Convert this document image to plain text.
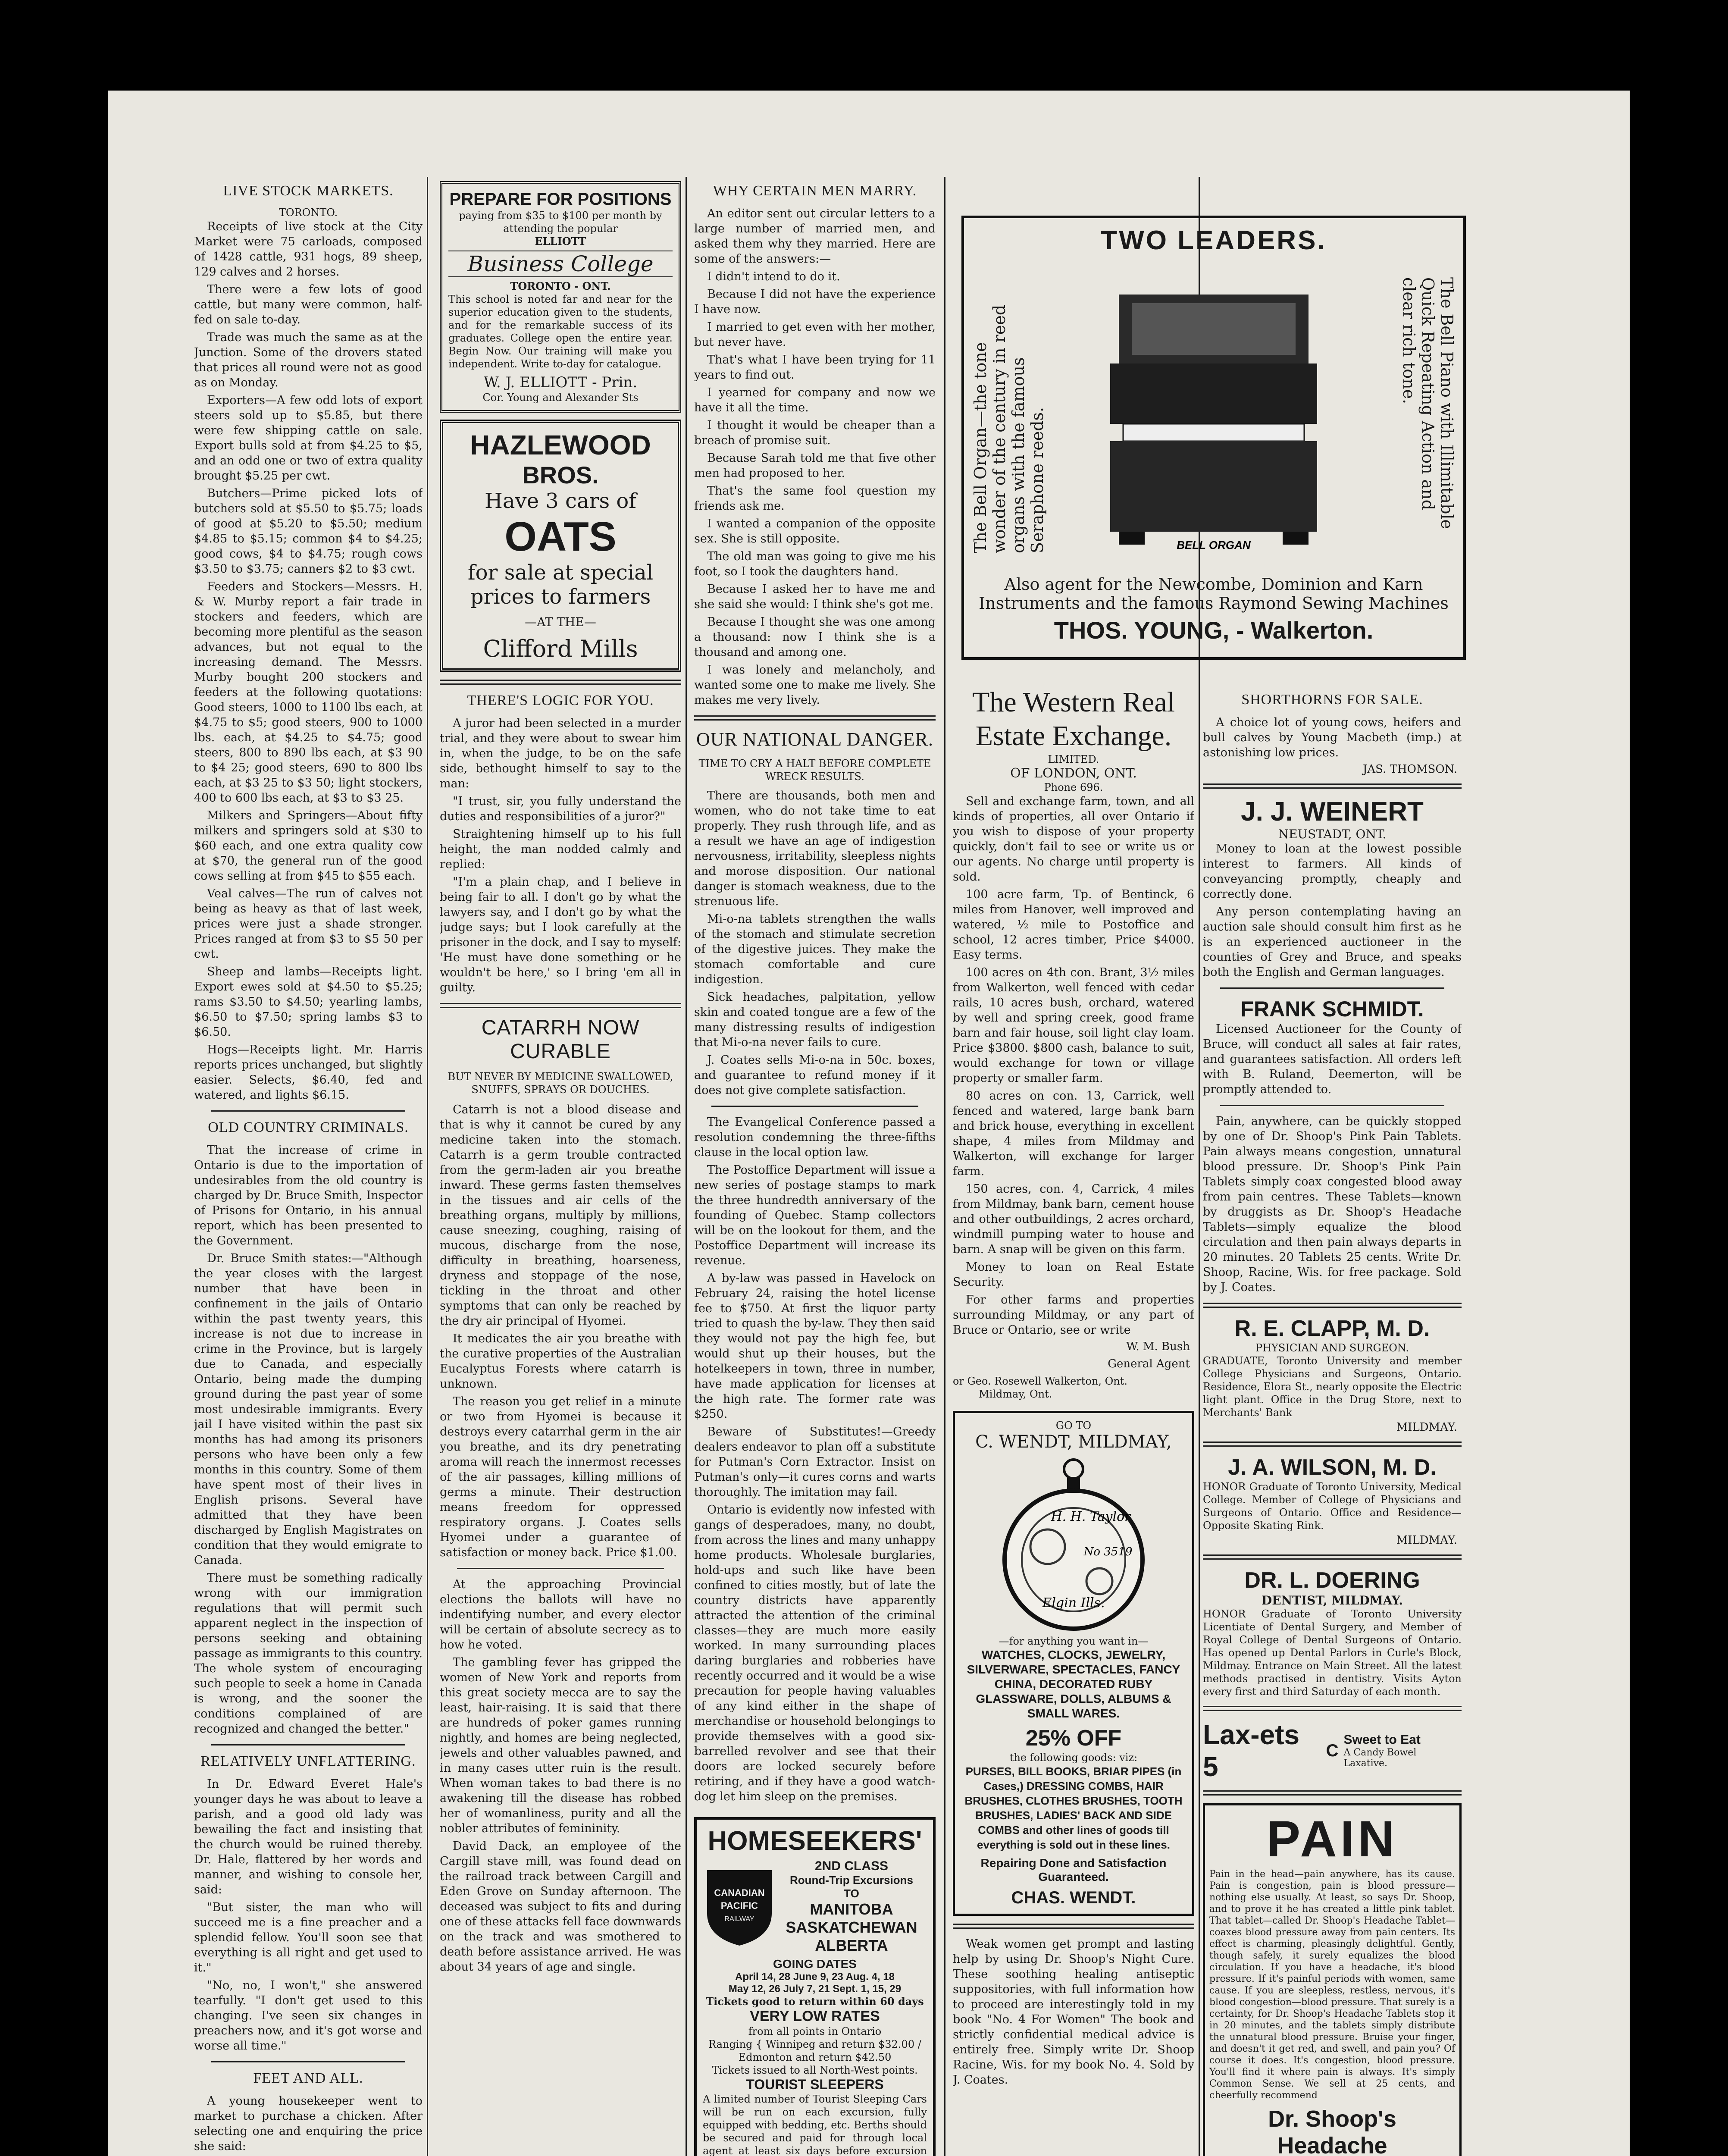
LIVE STOCK MARKETS.
TORONTO.

Receipts of live stock at the City Market were 75 carloads, composed of 1428 cattle, 931 hogs, 89 sheep, 129 calves and 2 horses.

There were a few lots of good cattle, but many were common, half-fed on sale to-day.

Trade was much the same as at the Junction. Some of the drovers stated that prices all round were not as good as on Monday.

Exporters—A few odd lots of export steers sold up to $5.85, but there were few shipping cattle on sale. Export bulls sold at from $4.25 to $5, and an odd one or two of extra quality brought $5.25 per cwt.

Butchers—Prime picked lots of butchers sold at $5.50 to $5.75; loads of good at $5.20 to $5.50; medium $4.85 to $5.15; common $4 to $4.25; good cows, $4 to $4.75; rough cows $3.50 to $3.75; canners $2 to $3 cwt.

Feeders and Stockers—Messrs. H. & W. Murby report a fair trade in stockers and feeders, which are becoming more plentiful as the season advances, but not equal to the increasing demand. The Messrs. Murby bought 200 stockers and feeders at the following quotations: Good steers, 1000 to 1100 lbs each, at $4.75 to $5; good steers, 900 to 1000 lbs. each, at $4.25 to $4.75; good steers, 800 to 890 lbs each, at $3 90 to $4 25; good steers, 690 to 800 lbs each, at $3 25 to $3 50; light stockers, 400 to 600 lbs each, at $3 to $3 25.

Milkers and Springers—About fifty milkers and springers sold at $30 to $60 each, and one extra quality cow at $70, the general run of the good cows selling at from $45 to $55 each.

Veal calves—The run of calves not being as heavy as that of last week, prices were just a shade stronger. Prices ranged at from $3 to $5 50 per cwt.

Sheep and lambs—Receipts light. Export ewes sold at $4.50 to $5.25; rams $3.50 to $4.50; yearling lambs, $6.50 to $7.50; spring lambs $3 to $6.50.

Hogs—Receipts light. Mr. Harris reports prices unchanged, but slightly easier. Selects, $6.40, fed and watered, and lights $6.15.

OLD COUNTRY CRIMINALS.

That the increase of crime in Ontario is due to the importation of undesirables from the old country is charged by Dr. Bruce Smith, Inspector of Prisons for Ontario, in his annual report, which has been presented to the Government.

Dr. Bruce Smith states:—"Although the year closes with the largest number that have been in confinement in the jails of Ontario within the past twenty years, this increase is not due to increase in crime in the Province, but is largely due to Canada, and especially Ontario, being made the dumping ground during the past year of some most undesirable immigrants. Every jail I have visited within the past six months has had among its prisoners persons who have been only a few months in this country. Some of them have spent most of their lives in English prisons. Several have admitted that they have been discharged by English Magistrates on condition that they would emigrate to Canada.

There must be something radically wrong with our immigration regulations that will permit such apparent neglect in the inspection of persons seeking and obtaining passage as immigrants to this country. The whole system of encouraging such people to seek a home in Canada is wrong, and the sooner the conditions complained of are recognized and changed the better."

RELATIVELY UNFLATTERING.

In Dr. Edward Everet Hale's younger days he was about to leave a parish, and a good old lady was bewailing the fact and insisting that the church would be ruined thereby. Dr. Hale, flattered by her words and manner, and wishing to console her, said:

"But sister, the man who will succeed me is a fine preacher and a splendid fellow. You'll soon see that everything is all right and get used to it."

"No, no, I won't," she answered tearfully. "I don't get used to this changing. I've seen six changes in preachers now, and it's got worse and worse all time."

FEET AND ALL.

A young housekeeper went to market to purchase a chicken. After selecting one and enquiring the price she said:

PREPARE FOR POSITIONS
paying from $35 to $100 per month by attending the popular
ELLIOTT
Business College
TORONTO - ONT.
This school is noted far and near for the superior education given to the students, and for the remarkable success of its graduates. College open the entire year. Begin Now. Our training will make you independent. Write to-day for catalogue.
W. J. ELLIOTT - Prin.
Cor. Young and Alexander Sts
HAZLEWOOD
BROS.
Have 3 cars of
OATS
for sale at special
prices to farmers
—AT THE—
Clifford Mills
THERE'S LOGIC FOR YOU.

A juror had been selected in a murder trial, and they were about to swear him in, when the judge, to be on the safe side, bethought himself to say to the man:

"I trust, sir, you fully understand the duties and responsibilities of a juror?"

Straightening himself up to his full height, the man nodded calmly and replied:

"I'm a plain chap, and I believe in being fair to all. I don't go by what the lawyers say, and I don't go by what the judge says; but I look carefully at the prisoner in the dock, and I say to myself: 'He must have done something or he wouldn't be here,' so I bring 'em all in guilty.

CATARRH NOW CURABLE
BUT NEVER BY MEDICINE SWALLOWED, SNUFFS, SPRAYS OR DOUCHES.

Catarrh is not a blood disease and that is why it cannot be cured by any medicine taken into the stomach. Catarrh is a germ trouble contracted from the germ-laden air you breathe inward. These germs fasten themselves in the tissues and air cells of the breathing organs, multiply by millions, cause sneezing, coughing, raising of mucous, discharge from the nose, difficulty in breathing, hoarseness, dryness and stoppage of the nose, tickling in the throat and other symptoms that can only be reached by the dry air principal of Hyomei.

It medicates the air you breathe with the curative properties of the Australian Eucalyptus Forests where catarrh is unknown.

The reason you get relief in a minute or two from Hyomei is because it destroys every catarrhal germ in the air you breathe, and its dry penetrating aroma will reach the innermost recesses of the air passages, killing millions of germs a minute. Their destruction means freedom for oppressed respiratory organs. J. Coates sells Hyomei under a guarantee of satisfaction or money back. Price $1.00.

At the approaching Provincial elections the ballots will have no indentifying number, and every elector will be certain of absolute secrecy as to how he voted.

The gambling fever has gripped the women of New York and reports from this great society mecca are to say the least, hair-raising. It is said that there are hundreds of poker games running nightly, and homes are being neglected, jewels and other valuables pawned, and in many cases utter ruin is the result. When woman takes to bad there is no awakening till the disease has robbed her of womanliness, purity and all the nobler attributes of femininity.

David Dack, an employee of the Cargill stave mill, was found dead on the railroad track between Cargill and Eden Grove on Sunday afternoon. The deceased was subject to fits and during one of these attacks fell face downwards on the track and was smothered to death before assistance arrived. He was about 34 years of age and single.

WHY CERTAIN MEN MARRY.

An editor sent out circular letters to a large number of married men, and asked them why they married. Here are some of the answers:—

I didn't intend to do it.

Because I did not have the experience I have now.

I married to get even with her mother, but never have.

That's what I have been trying for 11 years to find out.

I yearned for company and now we have it all the time.

I thought it would be cheaper than a breach of promise suit.

Because Sarah told me that five other men had proposed to her.

That's the same fool question my friends ask me.

I wanted a companion of the opposite sex. She is still opposite.

The old man was going to give me his foot, so I took the daughters hand.

Because I asked her to have me and she said she would: I think she's got me.

Because I thought she was one among a thousand: now I think she is a thousand and among one.

I was lonely and melancholy, and wanted some one to make me lively. She makes me very lively.

OUR NATIONAL DANGER.
TIME TO CRY A HALT BEFORE COMPLETE WRECK RESULTS.

There are thousands, both men and women, who do not take time to eat properly. They rush through life, and as a result we have an age of indigestion nervousness, irritability, sleepless nights and morose disposition. Our national danger is stomach weakness, due to the strenuous life.

Mi-o-na tablets strengthen the walls of the stomach and stimulate secretion of the digestive juices. They make the stomach comfortable and cure indigestion.

Sick headaches, palpitation, yellow skin and coated tongue are a few of the many distressing results of indigestion that Mi-o-na never fails to cure.

J. Coates sells Mi-o-na in 50c. boxes, and guarantee to refund money if it does not give complete satisfaction.

The Evangelical Conference passed a resolution condemning the three-fifths clause in the local option law.

The Postoffice Department will issue a new series of postage stamps to mark the three hundredth anniversary of the founding of Quebec. Stamp collectors will be on the lookout for them, and the Postoffice Department will increase its revenue.

A by-law was passed in Havelock on February 24, raising the hotel license fee to $750. At first the liquor party tried to quash the by-law. They then said they would not pay the high fee, but would shut up their houses, but the hotelkeepers in town, three in number, have made application for licenses at the high rate. The former rate was $250.

Beware of Substitutes!—Greedy dealers endeavor to plan off a substitute for Putman's Corn Extractor. Insist on Putman's only—it cures corns and warts thoroughly. The imitation may fail.

Ontario is evidently now infested with gangs of desperadoes, many, no doubt, from across the lines and many unhappy home products. Wholesale burglaries, hold-ups and such like have been confined to cities mostly, but of late the country districts have apparently attracted the attention of the criminal classes—they are much more easily worked. In many surrounding places daring burglaries and robberies have recently occurred and it would be a wise precaution for people having valuables of any kind either in the shape of merchandise or household belongings to provide themselves with a good six-barrelled revolver and see that their doors are locked securely before retiring, and if they have a good watch-dog let him sleep on the premises.

HOMESEEKERS'
CANADIAN
PACIFIC
RAILWAY
2ND CLASS
Round-Trip Excursions
TO
MANITOBA
SASKATCHEWAN
ALBERTA
GOING DATES
April 14, 28 June 9, 23 Aug. 4, 18
May 12, 26 July 7, 21 Sept. 1, 15, 29
Tickets good to return within 60 days
VERY LOW RATES
from all points in Ontario
Ranging { Winnipeg and return $32.00 / Edmonton and return $42.50
Tickets issued to all North-West points.
TOURIST SLEEPERS
A limited number of Tourist Sleeping Cars will be run on each excursion, fully equipped with bedding, etc. Berths should be secured and paid for through local agent at least six days before excursion
The Western Real
Estate Exchange.
LIMITED.
OF LONDON, ONT.
Phone 696.

Sell and exchange farm, town, and all kinds of properties, all over Ontario if you wish to dispose of your property quickly, don't fail to see or write us or our agents. No charge until property is sold.

100 acre farm, Tp. of Bentinck, 6 miles from Hanover, well improved and watered, ½ mile to Postoffice and school, 12 acres timber, Price $4000. Easy terms.

100 acres on 4th con. Brant, 3½ miles from Walkerton, well fenced with cedar rails, 10 acres bush, orchard, watered by well and spring creek, good frame barn and fair house, soil light clay loam. Price $3800. $800 cash, balance to suit, would exchange for town or village property or smaller farm.

80 acres on con. 13, Carrick, well fenced and watered, large bank barn and brick house, everything in excellent shape, 4 miles from Mildmay and Walkerton, will exchange for larger farm.

150 acres, con. 4, Carrick, 4 miles from Mildmay, bank barn, cement house and other outbuildings, 2 acres orchard, windmill pumping water to house and barn. A snap will be given on this farm.

Money to loan on Real Estate Security.

For other farms and properties surrounding Mildmay, or any part of Bruce or Ontario, see or write

W. M. Bush
General Agent
or Geo. Rosewell Walkerton, Ont.
Mildmay, Ont.
GO TO
C. WENDT, MILDMAY,
H. H. Taylor
No 3519
Elgin Ills.
—for anything you want in—
WATCHES, CLOCKS, JEWELRY, SILVERWARE, SPECTACLES, FANCY CHINA, DECORATED RUBY GLASSWARE, DOLLS, ALBUMS & SMALL WARES.
25% OFF
the following goods: viz:
PURSES, BILL BOOKS, BRIAR PIPES (in Cases,) DRESSING COMBS, HAIR BRUSHES, CLOTHES BRUSHES, TOOTH BRUSHES, LADIES' BACK AND SIDE COMBS and other lines of goods till everything is sold out in these lines.
Repairing Done and Satisfaction Guaranteed.
CHAS. WENDT.

Weak women get prompt and lasting help by using Dr. Shoop's Night Cure. These soothing healing antiseptic suppositories, with full information how to proceed are interestingly told in my book "No. 4 For Women" The book and strictly confidential medical advice is entirely free. Simply write Dr. Shoop Racine, Wis. for my book No. 4. Sold by J. Coates.

TWO LEADERS.
The Bell Organ—the tone wonder of the century in reed organs with the famous Seraphone reeds.	BELL ORGAN
The Bell Piano with Illimitable Quick Repeating Action and clear rich tone.
Also agent for the Newcombe, Dominion and Karn Instruments and the famous Raymond Sewing Machines
THOS. YOUNG, - Walkerton.
SHORTHORNS FOR SALE.

A choice lot of young cows, heifers and bull calves by Young Macbeth (imp.) at astonishing low prices.

JAS. THOMSON.
J. J. WEINERT
NEUSTADT, ONT.

Money to loan at the lowest possible interest to farmers. All kinds of conveyancing promptly, cheaply and correctly done.

Any person contemplating having an auction sale should consult him first as he is an experienced auctioneer in the counties of Grey and Bruce, and speaks both the English and German languages.

FRANK SCHMIDT.

Licensed Auctioneer for the County of Bruce, will conduct all sales at fair rates, and guarantees satisfaction. All orders left with B. Ruland, Deemerton, will be promptly attended to.

Pain, anywhere, can be quickly stopped by one of Dr. Shoop's Pink Pain Tablets. Pain always means congestion, unnatural blood pressure. Dr. Shoop's Pink Pain Tablets simply coax congested blood away from pain centres. These Tablets—known by druggists as Dr. Shoop's Headache Tablets—simply equalize the blood circulation and then pain always departs in 20 minutes. 20 Tablets 25 cents. Write Dr. Shoop, Racine, Wis. for free package. Sold by J. Coates.

R. E. CLAPP, M. D.
PHYSICIAN AND SURGEON.
GRADUATE, Toronto University and member College Physicians and Surgeons, Ontario. Residence, Elora St., nearly opposite the Electric light plant. Office in the Drug Store, next to Merchants' Bank
MILDMAY.
J. A. WILSON, M. D.
HONOR Graduate of Toronto University, Medical College. Member of College of Physicians and Surgeons of Ontario. Office and Residence—Opposite Skating Rink.
MILDMAY.
DR. L. DOERING
DENTIST, MILDMAY.
HONOR Graduate of Toronto University Licentiate of Dental Surgery, and Member of Royal College of Dental Surgeons of Ontario. Has opened up Dental Parlors in Curle's Block, Mildmay. Entrance on Main Street. All the latest methods practised in dentistry. Visits Ayton every first and third Saturday of each month.
Lax-ets 5
C
Sweet to Eat
A Candy Bowel Laxative.
PAIN
Pain in the head—pain anywhere, has its cause. Pain is congestion, pain is blood pressure—nothing else usually. At least, so says Dr. Shoop, and to prove it he has created a little pink tablet. That tablet—called Dr. Shoop's Headache Tablet—coaxes blood pressure away from pain centers. Its effect is charming, pleasingly delightful. Gently, though safely, it surely equalizes the blood circulation. If you have a headache, it's blood pressure. If it's painful periods with women, same cause. If you are sleepless, restless, nervous, it's blood congestion—blood pressure. That surely is a certainty, for Dr. Shoop's Headache Tablets stop it in 20 minutes, and the tablets simply distribute the unnatural blood pressure. Bruise your finger, and doesn't it get red, and swell, and pain you? Of course it does. It's congestion, blood pressure. You'll find it where pain is always. It's simply Common Sense. We sell at 25 cents, and cheerfully recommend
Dr. Shoop's
Headache
